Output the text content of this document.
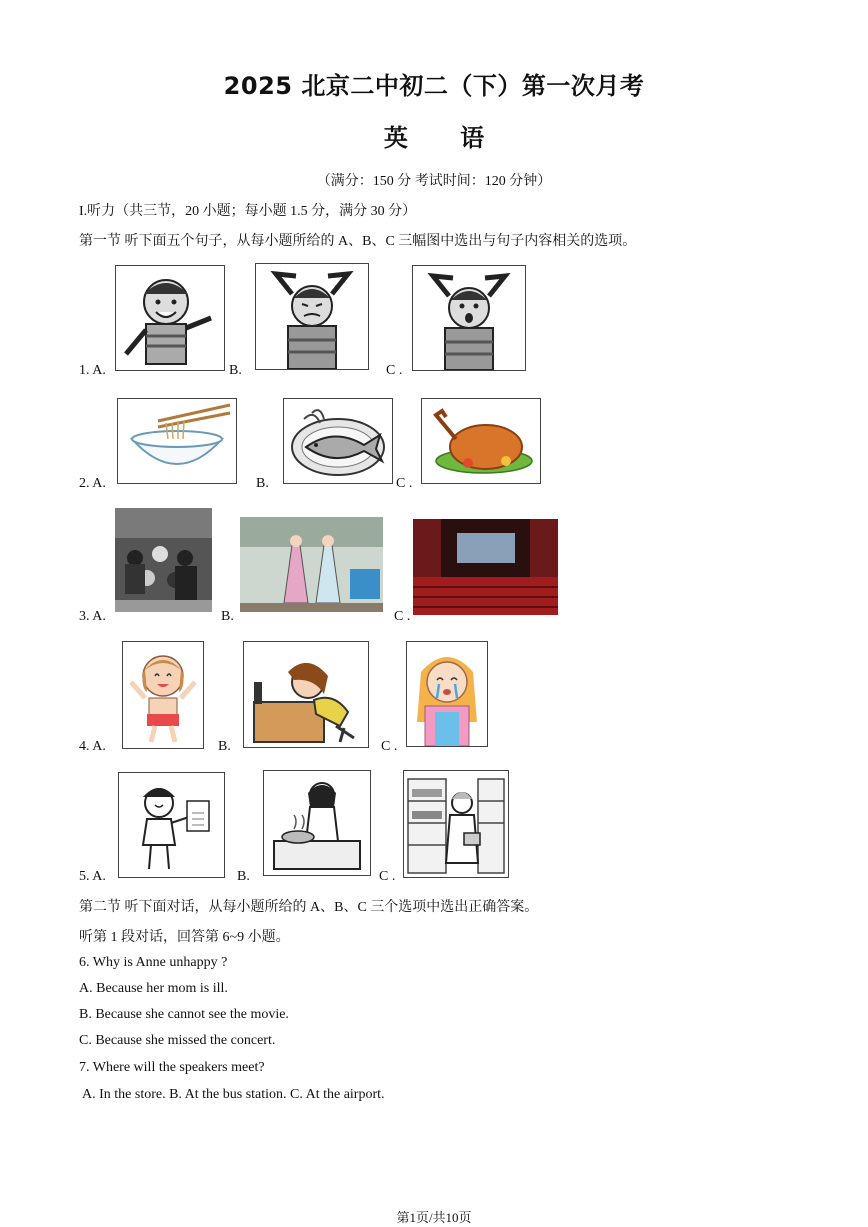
2025 北京二中初二（下）第一次月考
英 语
（满分：150 分 考试时间：120 分钟）
I.听力（共三节，20 小题；每小题 1.5 分，满分 30 分）
第一节 听下面五个句子，从每小题所给的 A、B、C 三幅图中选出与句子内容相关的选项。
1. A.	B.	C .
2. A.	B.	C .
3. A.	B.	C .
4. A.	B.	C .
5. A.	B.	C .
第二节 听下面对话，从每小题所给的 A、B、C 三个选项中选出正确答案。
听第 1 段对话，回答第 6~9 小题。
6. Why is Anne unhappy ?
A. Because her mom is ill.
B. Because she cannot see the movie.
C. Because she missed the concert.
7. Where will the speakers meet?
A. In the store. B. At the bus station. C. At the airport.
第1页/共10页
